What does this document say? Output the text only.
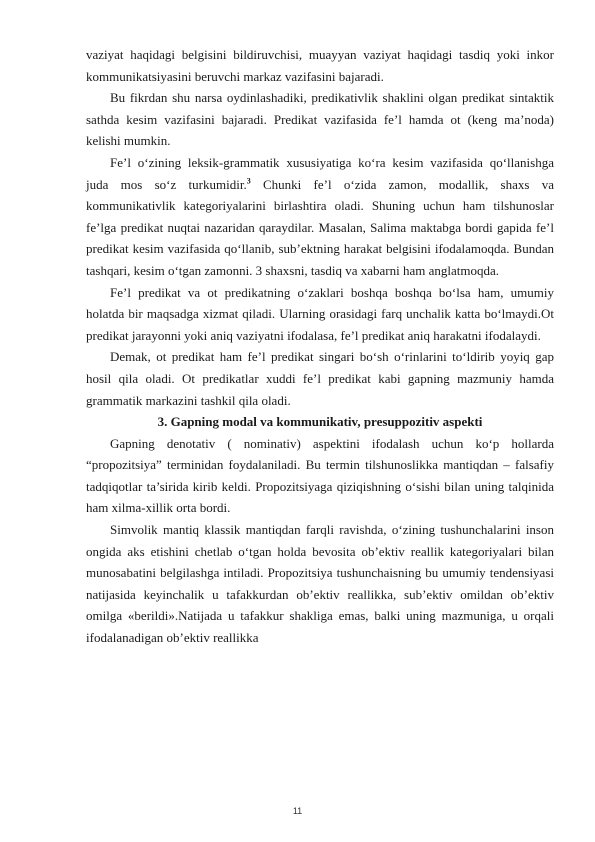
vaziyat haqidagi belgisini bildiruvchisi, muayyan vaziyat haqidagi tasdiq yoki inkor kommunikatsiyasini beruvchi markaz vazifasini bajaradi.

Bu fikrdan shu narsa oydinlashadiki, predikativlik shaklini olgan predikat sintaktik sathda kesim vazifasini bajaradi. Predikat vazifasida fe’l hamda ot (keng ma’noda) kelishi mumkin.

Fe’l o‘zining leksik-grammatik xususiyatiga ko‘ra kesim vazifasida qo‘llanishga juda mos so‘z turkumidir.$^3$ Chunki fe’l o‘zida zamon, modallik, shaxs va kommunikativlik kategoriyalarini birlashtira oladi. Shuning uchun ham tilshunoslar fe’lga predikat nuqtai nazaridan qaraydilar. Masalan, Salima maktabga bordi gapida fe’l predikat kesim vazifasida qo‘llanib, sub’ektning harakat belgisini ifodalamoqda. Bundan tashqari, kesim o‘tgan zamonni. 3 shaxsni, tasdiq va xabarni ham anglatmoqda.

Fe’l predikat va ot predikatning o‘zaklari boshqa boshqa bo‘lsa ham, umumiy holatda bir maqsadga xizmat qiladi. Ularning orasidagi farq unchalik katta bo‘lmaydi.Ot predikat jarayonni yoki aniq vaziyatni ifodalasa, fe’l predikat aniq harakatni ifodalaydi.

Demak, ot predikat ham fe’l predikat singari bo‘sh o‘rinlarini to‘ldirib yoyiq gap hosil qila oladi. Ot predikatlar xuddi fe’l predikat kabi gapning mazmuniy hamda grammatik markazini tashkil qila oladi.

3. Gapning modal va kommunikativ, presuppozitiv aspekti

Gapning denotativ ( nominativ) aspektini ifodalash uchun ko‘p hollarda “propozitsiya” terminidan foydalaniladi. Bu termin tilshunoslikka mantiqdan – falsafiy tadqiqotlar ta’sirida kirib keldi. Propozitsiyaga qiziqishning o‘sishi bilan uning talqinida ham xilma-xillik orta bordi.

Simvolik mantiq klassik mantiqdan farqli ravishda, o‘zining tushunchalarini inson ongida aks etishini chetlab o‘tgan holda bevosita ob’ektiv reallik kategoriyalari bilan munosabatini belgilashga intiladi. Propozitsiya tushunchaisning bu umumiy tendensiyasi natijasida keyinchalik u tafakkurdan ob’ektiv reallikka, sub’ektiv omildan ob’ektiv omilga «berildi».Natijada u tafakkur shakliga emas, balki uning mazmuniga, u orqali ifodalanadigan ob’ektiv reallikka

11
